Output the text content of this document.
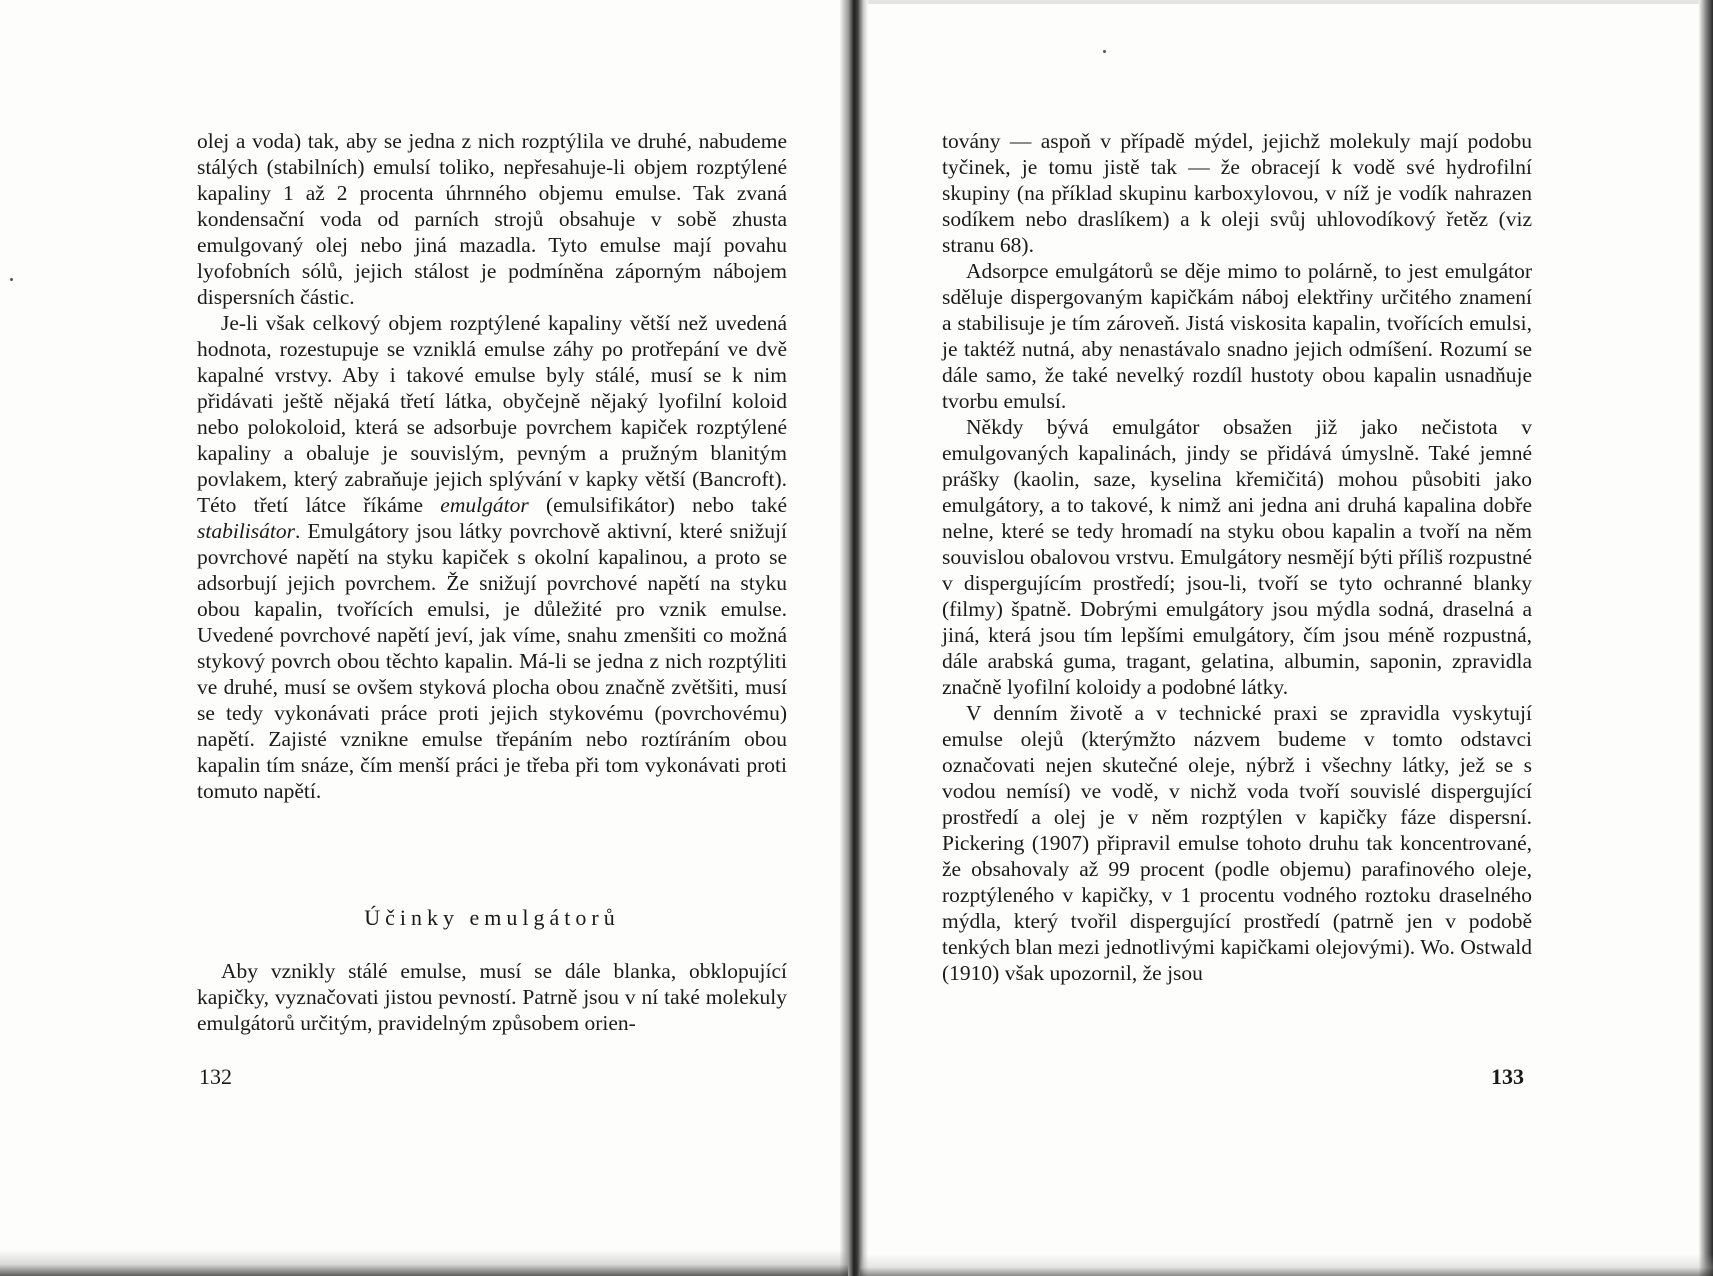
olej a voda) tak, aby se jedna z nich rozptýlila ve druhé, nabudeme stálých (stabilních) emulsí toliko, nepřesahuje-li objem rozptýlené kapaliny 1 až 2 procenta úhrnného objemu emulse. Tak zvaná kondensační voda od parních strojů obsahuje v sobě zhusta emulgovaný olej nebo jiná mazadla. Tyto emulse mají povahu lyofobních sólů, jejich stálost je podmíněna záporným nábojem dispersních částic.

Je-li však celkový objem rozptýlené kapaliny větší než uvedená hodnota, rozestupuje se vzniklá emulse záhy po protřepání ve dvě kapalné vrstvy. Aby i takové emulse byly stálé, musí se k nim přidávati ještě nějaká třetí látka, obyčejně nějaký lyofilní koloid nebo polokoloid, která se adsorbuje povrchem kapiček rozptýlené kapaliny a obaluje je souvislým, pevným a pružným blanitým povlakem, který zabraňuje jejich splývání v kapky větší (Bancroft). Této třetí látce říkáme emulgátor (emulsifikátor) nebo také stabilisátor. Emulgátory jsou látky povrchově aktivní, které snižují povrchové napětí na styku kapiček s okolní kapalinou, a proto se adsorbují jejich povrchem. Že snižují povrchové napětí na styku obou kapalin, tvořících emulsi, je důležité pro vznik emulse. Uvedené povrchové napětí jeví, jak víme, snahu zmenšiti co možná stykový povrch obou těchto kapalin. Má-li se jedna z nich rozptýliti ve druhé, musí se ovšem styková plocha obou značně zvětšiti, musí se tedy vykonávati práce proti jejich stykovému (povrchovému) napětí. Zajisté vznikne emulse třepáním nebo roztíráním obou kapalin tím snáze, čím menší práci je třeba při tom vykonávati proti tomuto napětí.

Účinky emulgátorů

Aby vznikly stálé emulse, musí se dále blanka, obklopující kapičky, vyznačovati jistou pevností. Patrně jsou v ní také molekuly emulgátorů určitým, pravidelným způsobem orien-

132

továny — aspoň v případě mýdel, jejichž molekuly mají podobu tyčinek, je tomu jistě tak — že obracejí k vodě své hydrofilní skupiny (na příklad skupinu karboxylovou, v níž je vodík nahrazen sodíkem nebo draslíkem) a k oleji svůj uhlovodíkový řetěz (viz stranu 68).

Adsorpce emulgátorů se děje mimo to polárně, to jest emulgátor sděluje dispergovaným kapičkám náboj elektřiny určitého znamení a stabilisuje je tím zároveň. Jistá viskosita kapalin, tvořících emulsi, je taktéž nutná, aby nenastávalo snadno jejich odmíšení. Rozumí se dále samo, že také nevelký rozdíl hustoty obou kapalin usnadňuje tvorbu emulsí.

Někdy bývá emulgátor obsažen již jako nečistota v emulgovaných kapalinách, jindy se přidává úmyslně. Také jemné prášky (kaolin, saze, kyselina křemičitá) mohou působiti jako emulgátory, a to takové, k nimž ani jedna ani druhá kapalina dobře nelne, které se tedy hromadí na styku obou kapalin a tvoří na něm souvislou obalovou vrstvu. Emulgátory nesmějí býti příliš rozpustné v dispergujícím prostředí; jsou-li, tvoří se tyto ochranné blanky (filmy) špatně. Dobrými emulgátory jsou mýdla sodná, draselná a jiná, která jsou tím lepšími emulgátory, čím jsou méně rozpustná, dále arabská guma, tragant, gelatina, albumin, saponin, zpravidla značně lyofilní koloidy a podobné látky.

V denním životě a v technické praxi se zpravidla vyskytují emulse olejů (kterýmžto názvem budeme v tomto odstavci označovati nejen skutečné oleje, nýbrž i všechny látky, jež se s vodou nemísí) ve vodě, v nichž voda tvoří souvislé dispergující prostředí a olej je v něm rozptýlen v kapičky fáze dispersní. Pickering (1907) připravil emulse tohoto druhu tak koncentrované, že obsahovaly až 99 procent (podle objemu) parafinového oleje, rozptýleného v kapičky, v 1 procentu vodného roztoku draselného mýdla, který tvořil dispergující prostředí (patrně jen v podobě tenkých blan mezi jednotlivými kapičkami olejovými). Wo. Ostwald (1910) však upozornil, že jsou

133
